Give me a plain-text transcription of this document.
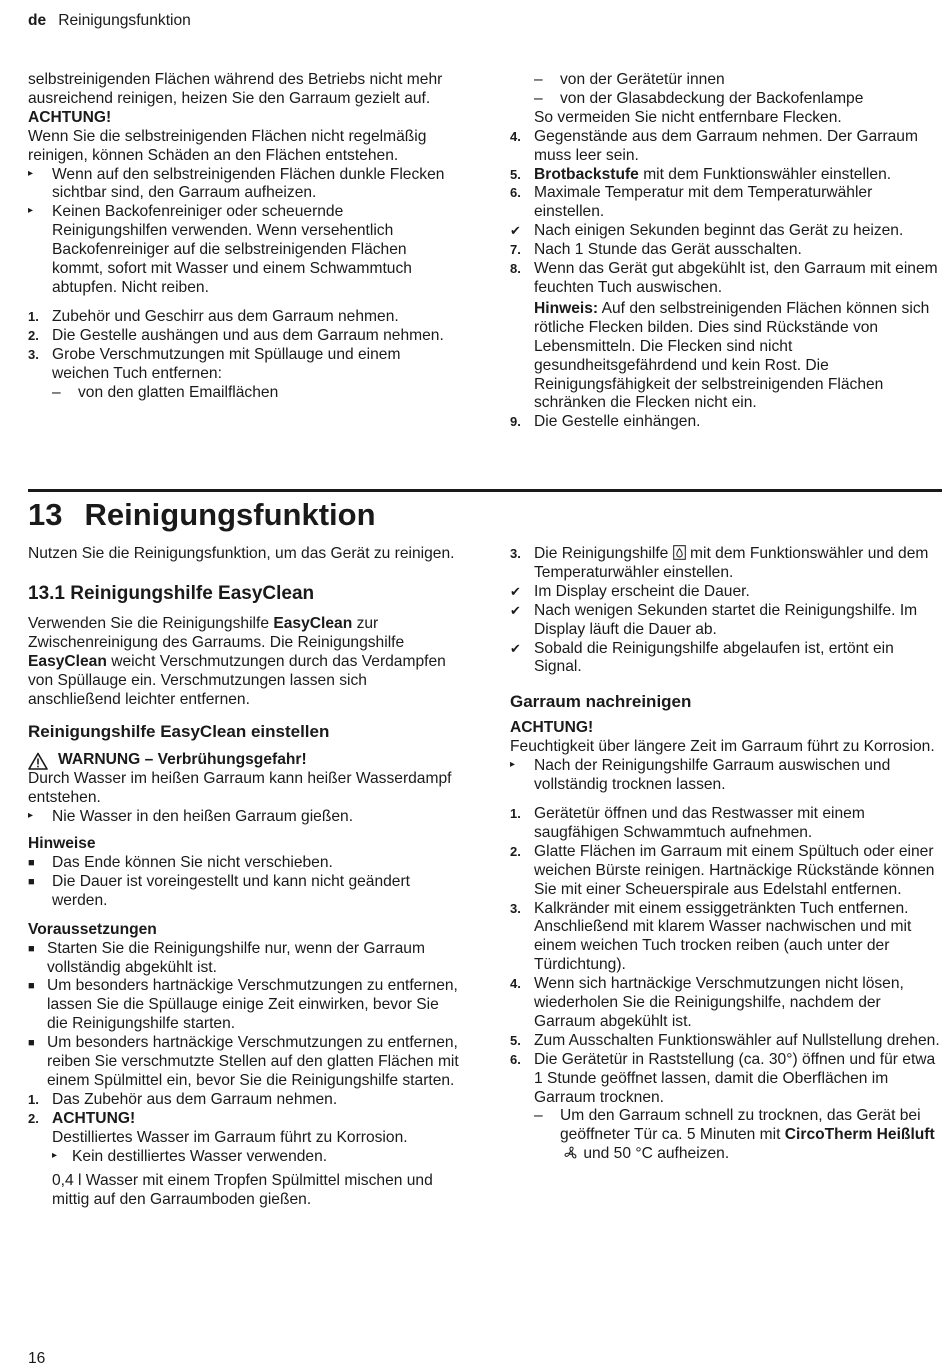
de Reinigungsfunktion

selbstreinigenden Flächen während des Betriebs nicht mehr ausreichend reinigen, heizen Sie den Garraum gezielt auf.

ACHTUNG!

Wenn Sie die selbstreinigenden Flächen nicht regelmäßig reinigen, können Schäden an den Flächen entstehen.

▸	Wenn auf den selbstreinigenden Flächen dunkle Flecken sichtbar sind, den Garraum aufheizen.
▸	Keinen Backofenreiniger oder scheuernde Reinigungshilfen verwenden. Wenn versehentlich Backofenreiniger auf die selbstreinigenden Flächen kommt, sofort mit Wasser und einem Schwammtuch abtupfen. Nicht reiben.
1. Zubehör und Geschirr aus dem Garraum nehmen.
2. Die Gestelle aushängen und aus dem Garraum nehmen.
3. Grobe Verschmutzungen mit Spüllauge und einem weichen Tuch entfernen:
–	von den glatten Emailflächen
–	von der Gerätetür innen
–	von der Glasabdeckung der Backofenlampe

So vermeiden Sie nicht entfernbare Flecken.

4. Gegenstände aus dem Garraum nehmen. Der Garraum muss leer sein.
5. Brotbackstufe mit dem Funktionswähler einstellen.
6. Maximale Temperatur mit dem Temperaturwähler einstellen.
✔ Nach einigen Sekunden beginnt das Gerät zu heizen.
7. Nach 1 Stunde das Gerät ausschalten.
8. Wenn das Gerät gut abgekühlt ist, den Garraum mit einem feuchten Tuch auswischen.

Hinweis: Auf den selbstreinigenden Flächen können sich rötliche Flecken bilden. Dies sind Rückstände von Lebensmitteln. Die Flecken sind nicht gesundheitsgefährdend und kein Rost. Die Reinigungsfähigkeit der selbstreinigenden Flächen schränken die Flecken nicht ein.

9. Die Gestelle einhängen.
13 Reinigungsfunktion

Nutzen Sie die Reinigungsfunktion, um das Gerät zu reinigen.

13.1 Reinigungshilfe EasyClean

Verwenden Sie die Reinigungshilfe EasyClean zur Zwischenreinigung des Garraums. Die Reinigungshilfe EasyClean weicht Verschmutzungen durch das Verdampfen von Spüllauge ein. Verschmutzungen lassen sich anschließend leichter entfernen.

Reinigungshilfe EasyClean einstellen
WARNUNG – Verbrühungsgefahr!

Durch Wasser im heißen Garraum kann heißer Wasserdampf entstehen.

▸	Nie Wasser in den heißen Garraum gießen.
Hinweise
■	Das Ende können Sie nicht verschieben.
■	Die Dauer ist voreingestellt und kann nicht geändert werden.
Voraussetzungen
■ Starten Sie die Reinigungshilfe nur, wenn der Garraum vollständig abgekühlt ist.
■ Um besonders hartnäckige Verschmutzungen zu entfernen, lassen Sie die Spüllauge einige Zeit einwirken, bevor Sie die Reinigungshilfe starten.
■ Um besonders hartnäckige Verschmutzungen zu entfernen, reiben Sie verschmutzte Stellen auf den glatten Flächen mit einem Spülmittel ein, bevor Sie die Reinigungshilfe starten.
1. Das Zubehör aus dem Garraum nehmen.
2. ACHTUNG!

Destilliertes Wasser im Garraum führt zu Korrosion.

▸ Kein destilliertes Wasser verwenden.

0,4 l Wasser mit einem Tropfen Spülmittel mischen und mittig auf den Garraumboden gießen.

3. Die Reinigungshilfe  mit dem Funktionswähler und dem Temperaturwähler einstellen.
✔ Im Display erscheint die Dauer.
✔ Nach wenigen Sekunden startet die Reinigungshilfe. Im Display läuft die Dauer ab.
✔ Sobald die Reinigungshilfe abgelaufen ist, ertönt ein Signal.
Garraum nachreinigen

ACHTUNG!

Feuchtigkeit über längere Zeit im Garraum führt zu Korrosion.

▸	Nach der Reinigungshilfe Garraum auswischen und vollständig trocknen lassen.
1. Gerätetür öffnen und das Restwasser mit einem saugfähigen Schwammtuch aufnehmen.
2. Glatte Flächen im Garraum mit einem Spültuch oder einer weichen Bürste reinigen. Hartnäckige Rückstände können Sie mit einer Scheuerspirale aus Edelstahl entfernen.
3. Kalkränder mit einem essiggetränkten Tuch entfernen. Anschließend mit klarem Wasser nachwischen und mit einem weichen Tuch trocken reiben (auch unter der Türdichtung).
4. Wenn sich hartnäckige Verschmutzungen nicht lösen, wiederholen Sie die Reinigungshilfe, nachdem der Garraum abgekühlt ist.
5. Zum Ausschalten Funktionswähler auf Nullstellung drehen.
6. Die Gerätetür in Raststellung (ca. 30°) öffnen und für etwa 1 Stunde geöffnet lassen, damit die Oberflächen im Garraum trocknen.
–	Um den Garraum schnell zu trocknen, das Gerät bei geöffneter Tür ca. 5 Minuten mit CircoTherm Heißluft und 50 °C aufheizen.
16
